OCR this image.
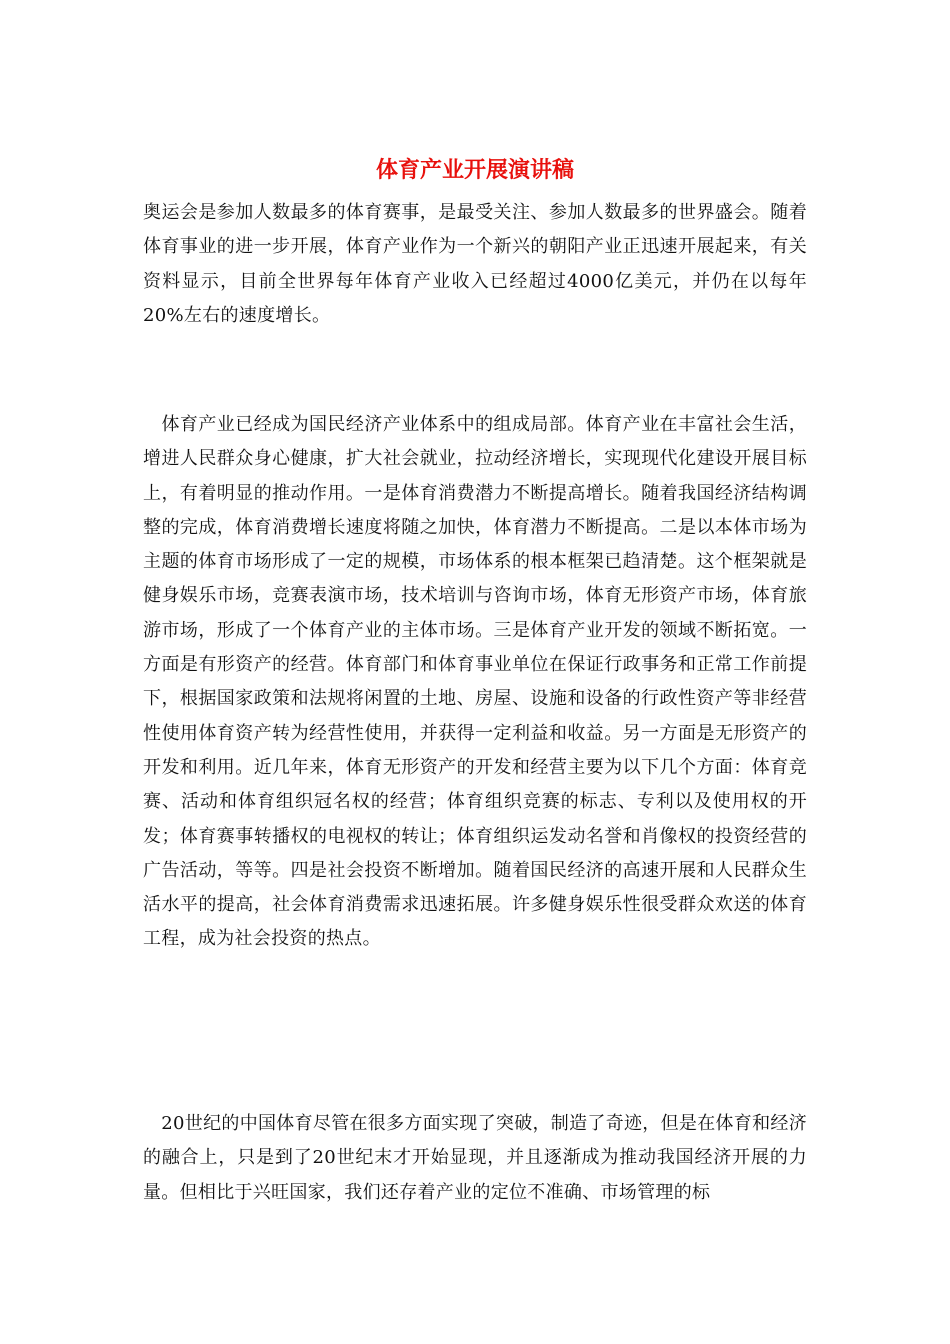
体育产业开展演讲稿

奥运会是参加人数最多的体育赛事，是最受关注、参加人数最多的世界盛会。随着体育事业的进一步开展，体育产业作为一个新兴的朝阳产业正迅速开展起来，有关资料显示，目前全世界每年体育产业收入已经超过4000亿美元，并仍在以每年20%左右的速度增长。

　体育产业已经成为国民经济产业体系中的组成局部。体育产业在丰富社会生活，增进人民群众身心健康，扩大社会就业，拉动经济增长，实现现代化建设开展目标上，有着明显的推动作用。一是体育消费潜力不断提高增长。随着我国经济结构调整的完成，体育消费增长速度将随之加快，体育潜力不断提高。二是以本体市场为主题的体育市场形成了一定的规模，市场体系的根本框架已趋清楚。这个框架就是健身娱乐市场，竞赛表演市场，技术培训与咨询市场，体育无形资产市场，体育旅游市场，形成了一个体育产业的主体市场。三是体育产业开发的领域不断拓宽。一方面是有形资产的经营。体育部门和体育事业单位在保证行政事务和正常工作前提下，根据国家政策和法规将闲置的土地、房屋、设施和设备的行政性资产等非经营性使用体育资产转为经营性使用，并获得一定利益和收益。另一方面是无形资产的开发和利用。近几年来，体育无形资产的开发和经营主要为以下几个方面：体育竞赛、活动和体育组织冠名权的经营；体育组织竞赛的标志、专利以及使用权的开发；体育赛事转播权的电视权的转让；体育组织运发动名誉和肖像权的投资经营的广告活动，等等。四是社会投资不断增加。随着国民经济的高速开展和人民群众生活水平的提高，社会体育消费需求迅速拓展。许多健身娱乐性很受群众欢送的体育工程，成为社会投资的热点。

　20世纪的中国体育尽管在很多方面实现了突破，制造了奇迹，但是在体育和经济的融合上，只是到了20世纪末才开始显现，并且逐渐成为推动我国经济开展的力量。但相比于兴旺国家，我们还存着产业的定位不准确、市场管理的标
